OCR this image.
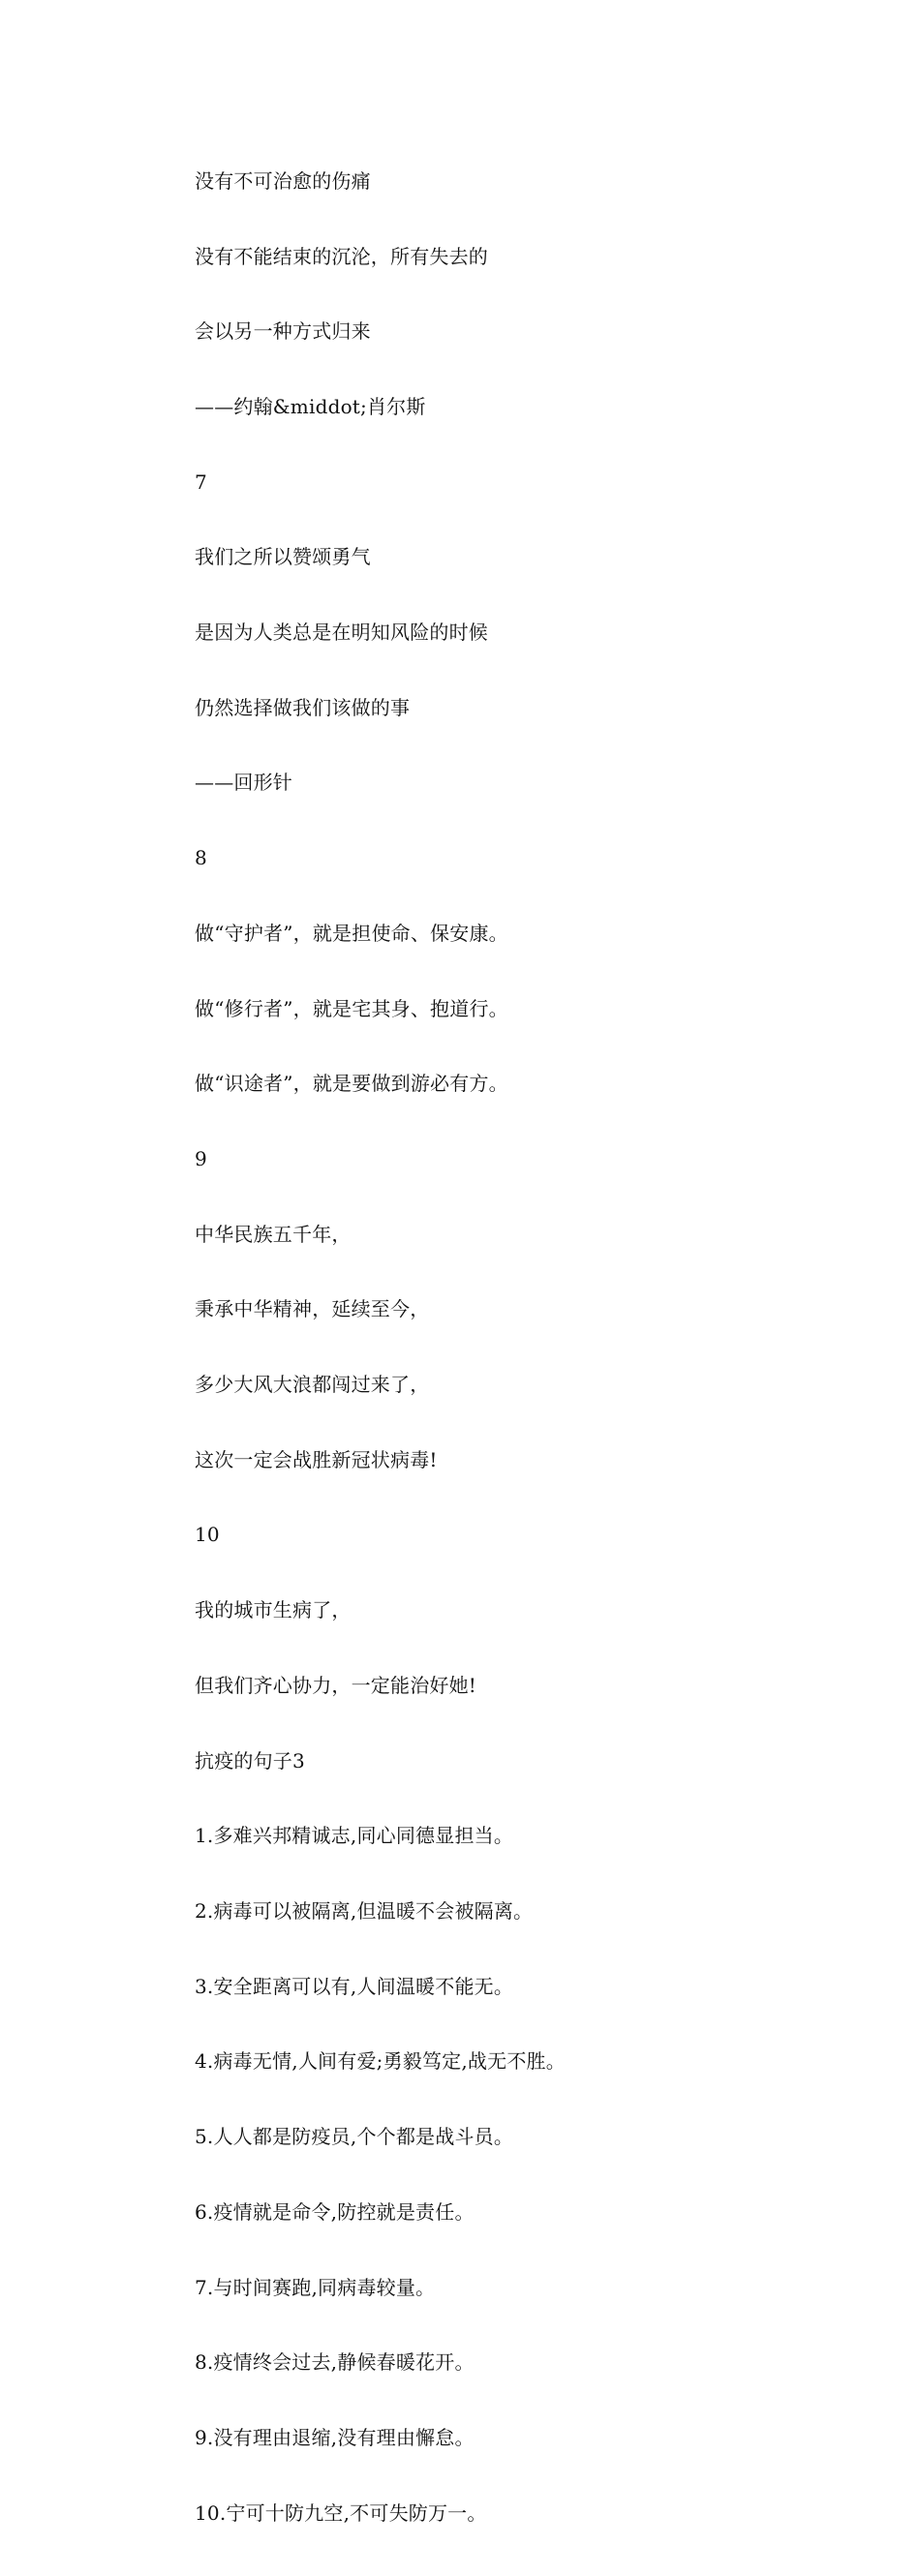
没有不可治愈的伤痛

没有不能结束的沉沦，所有失去的

会以另一种方式归来

——约翰&middot;肖尔斯

7

我们之所以赞颂勇气

是因为人类总是在明知风险的时候

仍然选择做我们该做的事

——回形针

8

做“守护者”，就是担使命、保安康。

做“修行者”，就是宅其身、抱道行。

做“识途者”，就是要做到游必有方。

9

中华民族五千年，

秉承中华精神，延续至今，

多少大风大浪都闯过来了，

这次一定会战胜新冠状病毒!

10

我的城市生病了，

但我们齐心协力，一定能治好她!

抗疫的句子3

1.多难兴邦精诚志,同心同德显担当。

2.病毒可以被隔离,但温暖不会被隔离。

3.安全距离可以有,人间温暖不能无。

4.病毒无情,人间有爱;勇毅笃定,战无不胜。

5.人人都是防疫员,个个都是战斗员。

6.疫情就是命令,防控就是责任。

7.与时间赛跑,同病毒较量。

8.疫情终会过去,静候春暖花开。

9.没有理由退缩,没有理由懈怠。

10.宁可十防九空,不可失防万一。
